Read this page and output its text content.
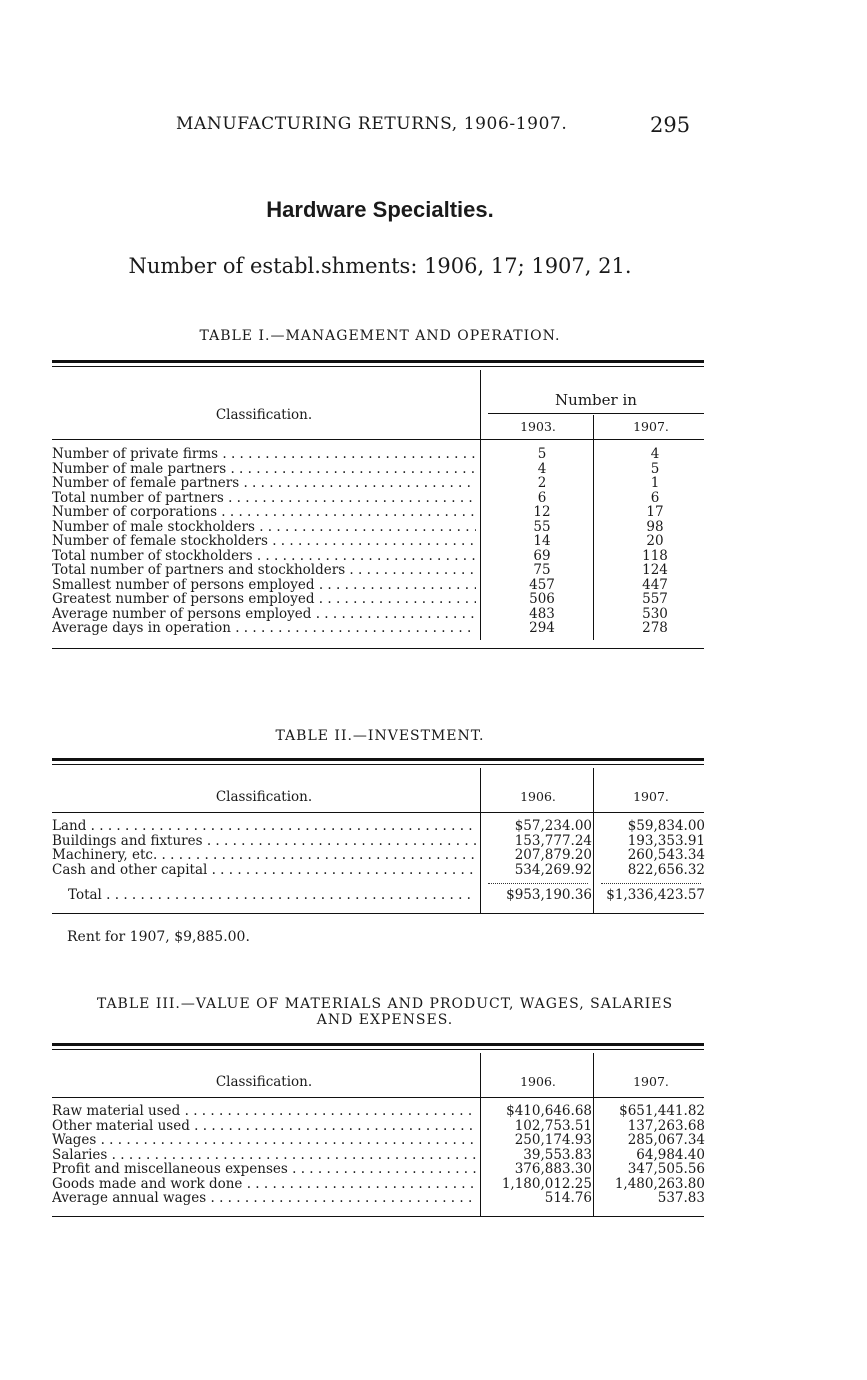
MANUFACTURING RETURNS, 1906-1907.	295
Hardware Specialties.
Number of establ.shments: 1906, 17; 1907, 21.
TABLE I.—MANAGEMENT AND OPERATION.
Classification.
Number in
1903.	1907.
Number of private firms . . .	5	4
Number of male partners . . .	4	5
Number of female partners . . .	2	1
Total number of partners . . .	6	6
Number of corporations . . .	12	17
Number of male stockholders . . .	55	98
Number of female stockholders . . .	14	20
Total number of stockholders . . .	69	118
Total number of partners and stockholders . . .	75	124
Smallest number of persons employed . . .	457	447
Greatest number of persons employed . . .	506	557
Average number of persons employed . . .	483	530
Average days in operation . . .	294	278
TABLE II.—INVESTMENT.
Classification.	1906.	1907.
Land . . .	$57,234.00	$59,834.00
Buildings and fixtures . . .	153,777.24	193,353.91
Machinery, etc. . . .	207,879.20	260,543.34
Cash and other capital . . .	534,269.92	822,656.32
Total . . .	$953,190.36	$1,336,423.57
Rent for 1907, $9,885.00.
TABLE III.—VALUE OF MATERIALS AND PRODUCT, WAGES, SALARIES
AND EXPENSES.
Classification.	1906.	1907.
Raw material used . . .	$410,646.68	$651,441.82
Other material used . . .	102,753.51	137,263.68
Wages . . .	250,174.93	285,067.34
Salaries . . .	39,553.83	64,984.40
Profit and miscellaneous expenses . . .	376,883.30	347,505.56
Goods made and work done . . .	1,180,012.25	1,480,263.80
Average annual wages . . .	514.76	537.83
